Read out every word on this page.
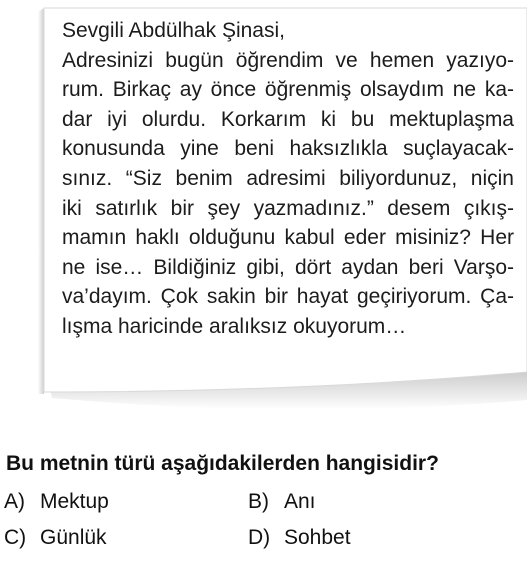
Sevgili Abdülhak Şinasi,
Adresinizi bugün öğrendim ve hemen yazıyo-
rum. Birkaç ay önce öğrenmiş olsaydım ne ka-
dar iyi olurdu. Korkarım ki bu mektuplaşma
konusunda yine beni haksızlıkla suçlayacak-
sınız. “Siz benim adresimi biliyordunuz, niçin
iki satırlık bir şey yazmadınız.” desem çıkış-
mamın haklı olduğunu kabul eder misiniz? Her
ne ise… Bildiğiniz gibi, dört aydan beri Varşo-
va’dayım. Çok sakin bir hayat geçiriyorum. Ça-
lışma haricinde aralıksız okuyorum…
Bu metnin türü aşağıdakilerden hangisidir?
A) Mektup	B) Anı
C) Günlük	D) Sohbet
